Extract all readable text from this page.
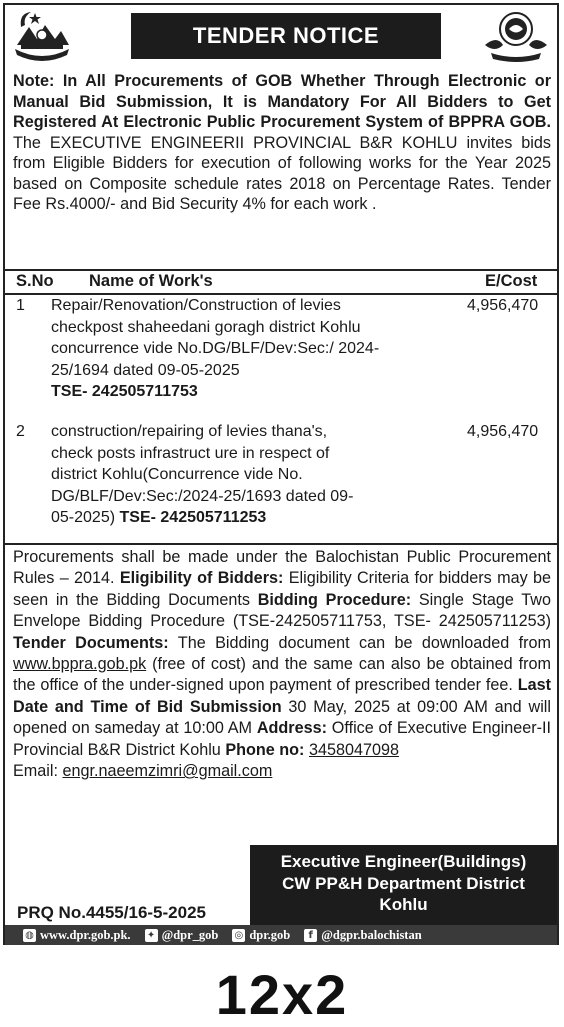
TENDER NOTICE
Note: In All Procurements of GOB Whether Through Electronic or Manual Bid Submission, It is Mandatory For All Bidders to Get Registered At Electronic Public Procurement System of BPPRA GOB. The EXECUTIVE ENGINEERII PROVINCIAL B&R KOHLU invites bids from Eligible Bidders for execution of following works for the Year 2025 based on Composite schedule rates 2018 on Percentage Rates. Tender Fee Rs.4000/- and Bid Security 4% for each work .
S.No Name of Work's	E/Cost
1 Repair/Renovation/Construction of levies checkpost shaheedani goragh district Kohlu concurrence vide No.DG/BLF/Dev:Sec:/ 2024-25/1694 dated 09-05-2025
TSE- 242505711753
4,956,470
2 construction/repairing of levies thana's, check posts infrastruct ure in respect of district Kohlu(Concurrence vide No. DG/BLF/Dev:Sec:/2024-25/1693 dated 09-05-2025) TSE- 242505711253
4,956,470
Procurements shall be made under the Balochistan Public Procurement Rules – 2014. Eligibility of Bidders: Eligibility Criteria for bidders may be seen in the Bidding Documents Bidding Procedure: Single Stage Two Envelope Bidding Procedure (TSE-242505711753, TSE- 242505711253) Tender Documents: The Bidding document can be downloaded from www.bppra.gob.pk (free of cost) and the same can also be obtained from the office of the under-signed upon payment of prescribed tender fee. Last Date and Time of Bid Submission 30 May, 2025 at 09:00 AM and will opened on sameday at 10:00 AM Address: Office of Executive Engineer-II Provincial B&R District Kohlu Phone no: 3458047098
Email: engr.naeemzimri@gmail.com
Executive Engineer(Buildings)
CW PP&H Department District
Kohlu
PRQ No.4455/16-5-2025
◍ www.dpr.gob.pk. ✦ @dpr_gob ◎ dpr.gob	f @dgpr.balochistan
12x2
